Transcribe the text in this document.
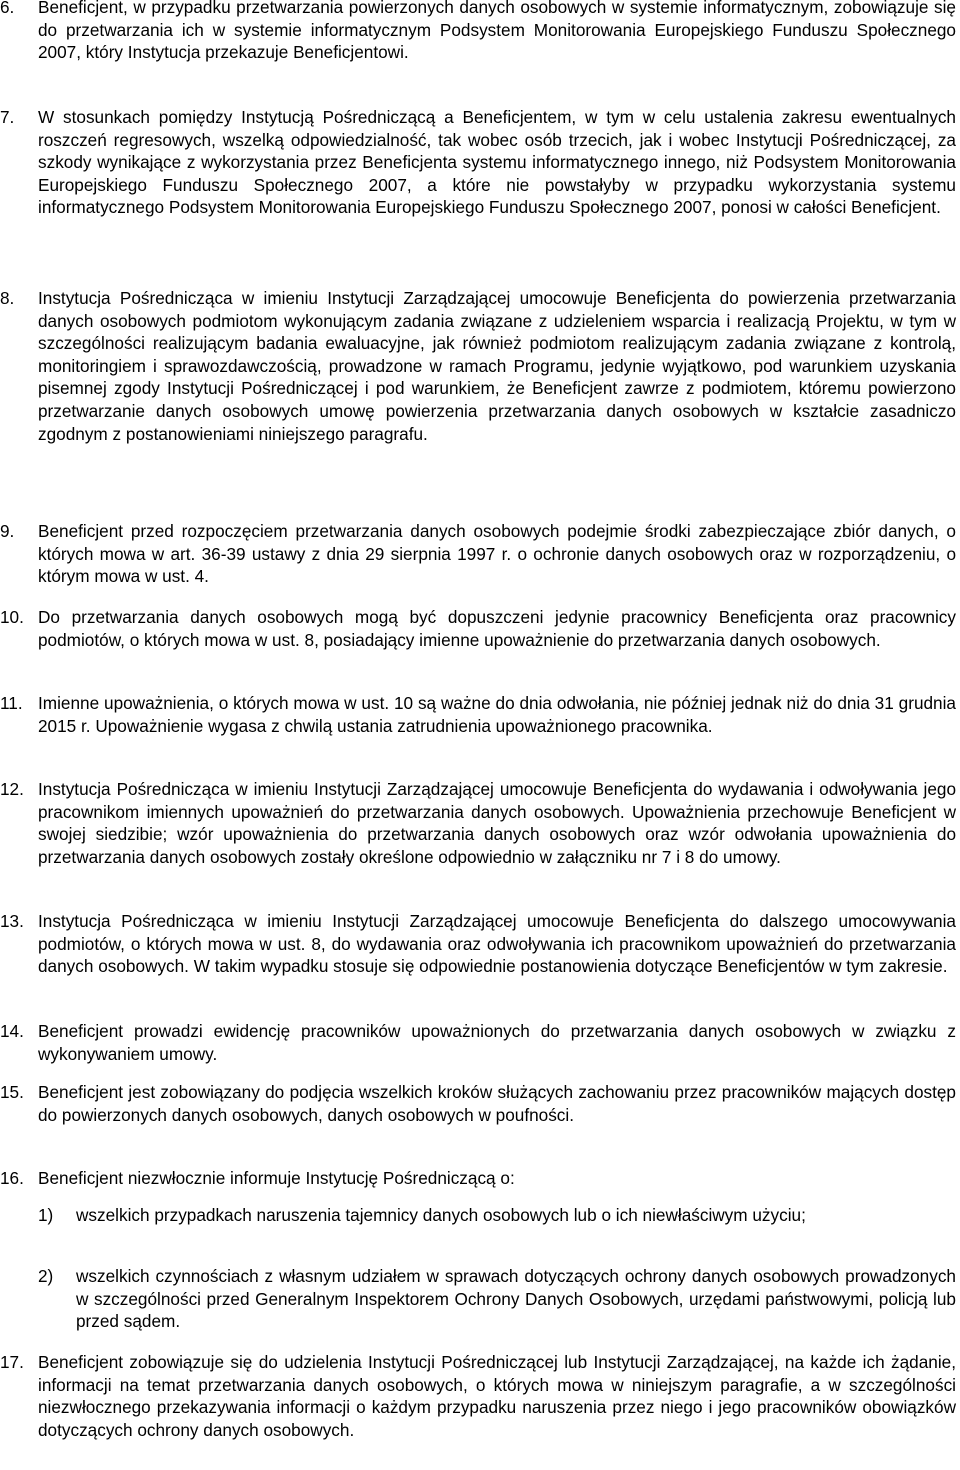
6. Beneficjent, w przypadku przetwarzania powierzonych danych osobowych w systemie informatycznym, zobowiązuje się do przetwarzania ich w systemie informatycznym Podsystem Monitorowania Europejskiego Funduszu Społecznego 2007, który Instytucja przekazuje Beneficjentowi.

7. W stosunkach pomiędzy Instytucją Pośredniczącą a Beneficjentem, w tym w celu ustalenia zakresu ewentualnych roszczeń regresowych, wszelką odpowiedzialność, tak wobec osób trzecich, jak i wobec Instytucji Pośredniczącej, za szkody wynikające z wykorzystania przez Beneficjenta systemu informatycznego innego, niż Podsystem Monitorowania Europejskiego Funduszu Społecznego 2007, a które nie powstałyby w przypadku wykorzystania systemu informatycznego Podsystem Monitorowania Europejskiego Funduszu Społecznego 2007, ponosi w całości Beneficjent.

8. Instytucja Pośrednicząca w imieniu Instytucji Zarządzającej umocowuje Beneficjenta do powierzenia przetwarzania danych osobowych podmiotom wykonującym zadania związane z udzieleniem wsparcia i realizacją Projektu, w tym w szczególności realizującym badania ewaluacyjne, jak również podmiotom realizującym zadania związane z kontrolą, monitoringiem i sprawozdawczością, prowadzone w ramach Programu, jedynie wyjątkowo, pod warunkiem uzyskania pisemnej zgody Instytucji Pośredniczącej i pod warunkiem, że Beneficjent zawrze z podmiotem, któremu powierzono przetwarzanie danych osobowych umowę powierzenia przetwarzania danych osobowych w kształcie zasadniczo zgodnym z postanowieniami niniejszego paragrafu.

9. Beneficjent przed rozpoczęciem przetwarzania danych osobowych podejmie środki zabezpieczające zbiór danych, o których mowa w art. 36-39 ustawy z dnia 29 sierpnia 1997 r. o ochronie danych osobowych oraz w rozporządzeniu, o którym mowa w ust. 4.

10. Do przetwarzania danych osobowych mogą być dopuszczeni jedynie pracownicy Beneficjenta oraz pracownicy podmiotów, o których mowa w ust. 8, posiadający imienne upoważnienie do przetwarzania danych osobowych.

11. Imienne upoważnienia, o których mowa w ust. 10 są ważne do dnia odwołania, nie później jednak niż do dnia 31 grudnia 2015 r. Upoważnienie wygasa z chwilą ustania zatrudnienia upoważnionego pracownika.

12. Instytucja Pośrednicząca w imieniu Instytucji Zarządzającej umocowuje Beneficjenta do wydawania i odwoływania jego pracownikom imiennych upoważnień do przetwarzania danych osobowych. Upoważnienia przechowuje Beneficjent w swojej siedzibie; wzór upoważnienia do przetwarzania danych osobowych oraz wzór odwołania upoważnienia do przetwarzania danych osobowych zostały określone odpowiednio w załączniku nr 7 i 8 do umowy.

13. Instytucja Pośrednicząca w imieniu Instytucji Zarządzającej umocowuje Beneficjenta do dalszego umocowywania podmiotów, o których mowa w ust. 8, do wydawania oraz odwoływania ich pracownikom upoważnień do przetwarzania danych osobowych. W takim wypadku stosuje się odpowiednie postanowienia dotyczące Beneficjentów w tym zakresie.

14. Beneficjent prowadzi ewidencję pracowników upoważnionych do przetwarzania danych osobowych w związku z wykonywaniem umowy.

15. Beneficjent jest zobowiązany do podjęcia wszelkich kroków służących zachowaniu przez pracowników mających dostęp do powierzonych danych osobowych, danych osobowych w poufności.

16. Beneficjent niezwłocznie informuje Instytucję Pośredniczącą o:

1) wszelkich przypadkach naruszenia tajemnicy danych osobowych lub o ich niewłaściwym użyciu;

2) wszelkich czynnościach z własnym udziałem w sprawach dotyczących ochrony danych osobowych prowadzonych w szczególności przed Generalnym Inspektorem Ochrony Danych Osobowych, urzędami państwowymi, policją lub przed sądem.

17. Beneficjent zobowiązuje się do udzielenia Instytucji Pośredniczącej lub Instytucji Zarządzającej, na każde ich żądanie, informacji na temat przetwarzania danych osobowych, o których mowa w niniejszym paragrafie, a w szczególności niezwłocznego przekazywania informacji o każdym przypadku naruszenia przez niego i jego pracowników obowiązków dotyczących ochrony danych osobowych.
